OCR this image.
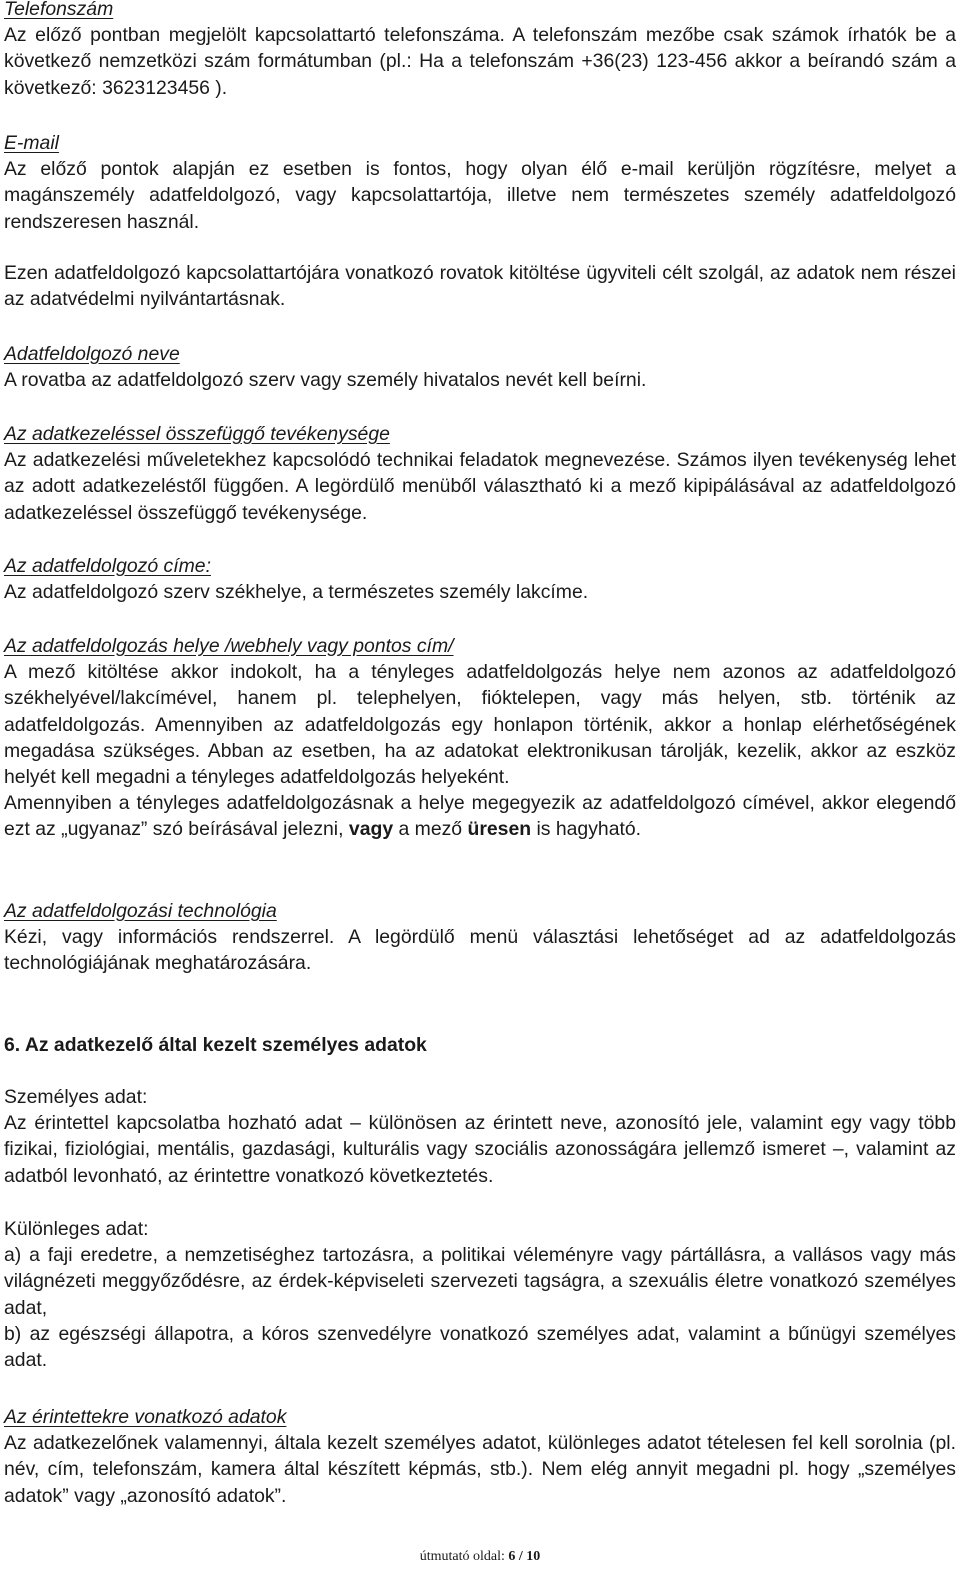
Telefonszám
Az előző pontban megjelölt kapcsolattartó telefonszáma. A telefonszám mezőbe csak számok írhatók be a következő nemzetközi szám formátumban (pl.: Ha a telefonszám +36(23) 123-456 akkor a beírandó szám a következő: 3623123456 ).
E-mail
Az előző pontok alapján ez esetben is fontos, hogy olyan élő e-mail kerüljön rögzítésre, melyet a magánszemély adatfeldolgozó, vagy kapcsolattartója, illetve nem természetes személy adatfeldolgozó rendszeresen használ.
Ezen adatfeldolgozó kapcsolattartójára vonatkozó rovatok kitöltése ügyviteli célt szolgál, az adatok nem részei az adatvédelmi nyilvántartásnak.
Adatfeldolgozó neve
A rovatba az adatfeldolgozó szerv vagy személy hivatalos nevét kell beírni.
Az adatkezeléssel összefüggő tevékenysége
Az adatkezelési műveletekhez kapcsolódó technikai feladatok megnevezése. Számos ilyen tevékenység lehet az adott adatkezeléstől függően. A legördülő menüből választható ki a mező kipipálásával az adatfeldolgozó adatkezeléssel összefüggő tevékenysége.
Az adatfeldolgozó címe:
Az adatfeldolgozó szerv székhelye, a természetes személy lakcíme.
Az adatfeldolgozás helye /webhely vagy pontos cím/
A mező kitöltése akkor indokolt, ha a tényleges adatfeldolgozás helye nem azonos az adatfeldolgozó székhelyével/lakcímével, hanem pl. telephelyen, fióktelepen, vagy más helyen, stb. történik az adatfeldolgozás. Amennyiben az adatfeldolgozás egy honlapon történik, akkor a honlap elérhetőségének megadása szükséges. Abban az esetben, ha az adatokat elektronikusan tárolják, kezelik, akkor az eszköz helyét kell megadni a tényleges adatfeldolgozás helyeként.
Amennyiben a tényleges adatfeldolgozásnak a helye megegyezik az adatfeldolgozó címével, akkor elegendő ezt az „ugyanaz” szó beírásával jelezni, vagy a mező üresen is hagyható.
Az adatfeldolgozási technológia
Kézi, vagy információs rendszerrel. A legördülő menü választási lehetőséget ad az adatfeldolgozás technológiájának meghatározására.
6. Az adatkezelő által kezelt személyes adatok
Személyes adat:
Az érintettel kapcsolatba hozható adat – különösen az érintett neve, azonosító jele, valamint egy vagy több fizikai, fiziológiai, mentális, gazdasági, kulturális vagy szociális azonosságára jellemző ismeret –, valamint az adatból levonható, az érintettre vonatkozó következtetés.
Különleges adat:
a) a faji eredetre, a nemzetiséghez tartozásra, a politikai véleményre vagy pártállásra, a vallásos vagy más világnézeti meggyőződésre, az érdek-képviseleti szervezeti tagságra, a szexuális életre vonatkozó személyes adat,
b) az egészségi állapotra, a kóros szenvedélyre vonatkozó személyes adat, valamint a bűnügyi személyes adat.
Az érintettekre vonatkozó adatok
Az adatkezelőnek valamennyi, általa kezelt személyes adatot, különleges adatot tételesen fel kell sorolnia (pl. név, cím, telefonszám, kamera által készített képmás, stb.). Nem elég annyit megadni pl. hogy „személyes adatok” vagy „azonosító adatok”.
útmutató oldal: 6 / 10
